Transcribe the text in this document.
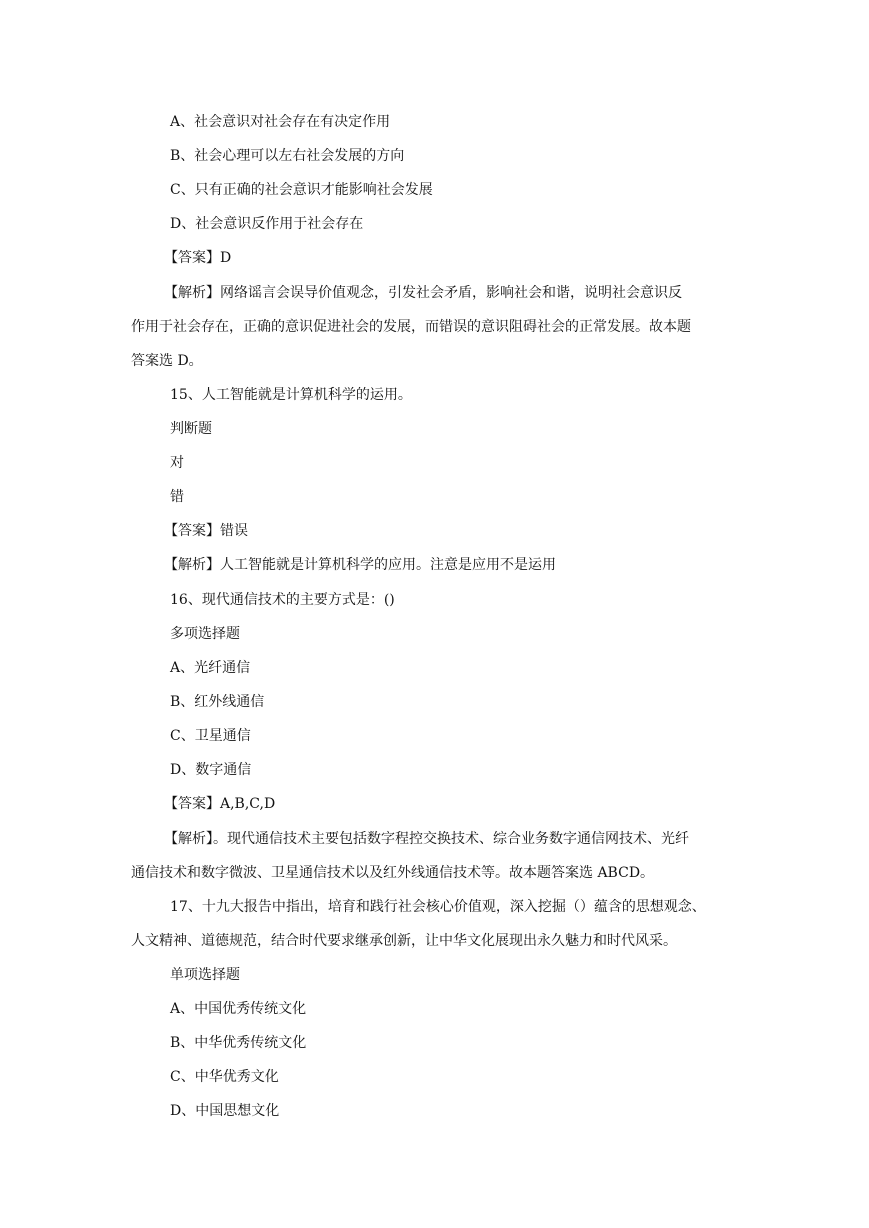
A、社会意识对社会存在有决定作用
B、社会心理可以左右社会发展的方向
C、只有正确的社会意识才能影响社会发展
D、社会意识反作用于社会存在
【答案】D
【解析】网络谣言会误导价值观念，引发社会矛盾，影响社会和谐，说明社会意识反
作用于社会存在，正确的意识促进社会的发展，而错误的意识阻碍社会的正常发展。故本题
答案选 D。
15、人工智能就是计算机科学的运用。
判断题
对
错
【答案】错误
【解析】人工智能就是计算机科学的应用。注意是应用不是运用
16、现代通信技术的主要方式是：()
多项选择题
A、光纤通信
B、红外线通信
C、卫星通信
D、数字通信
【答案】A,B,C,D
【解析】。现代通信技术主要包括数字程控交换技术、综合业务数字通信网技术、光纤
通信技术和数字微波、卫星通信技术以及红外线通信技术等。故本题答案选 ABCD。
17、十九大报告中指出，培育和践行社会核心价值观，深入挖掘（）蕴含的思想观念、
人文精神、道德规范，结合时代要求继承创新，让中华文化展现出永久魅力和时代风采。
单项选择题
A、中国优秀传统文化
B、中华优秀传统文化
C、中华优秀文化
D、中国思想文化
